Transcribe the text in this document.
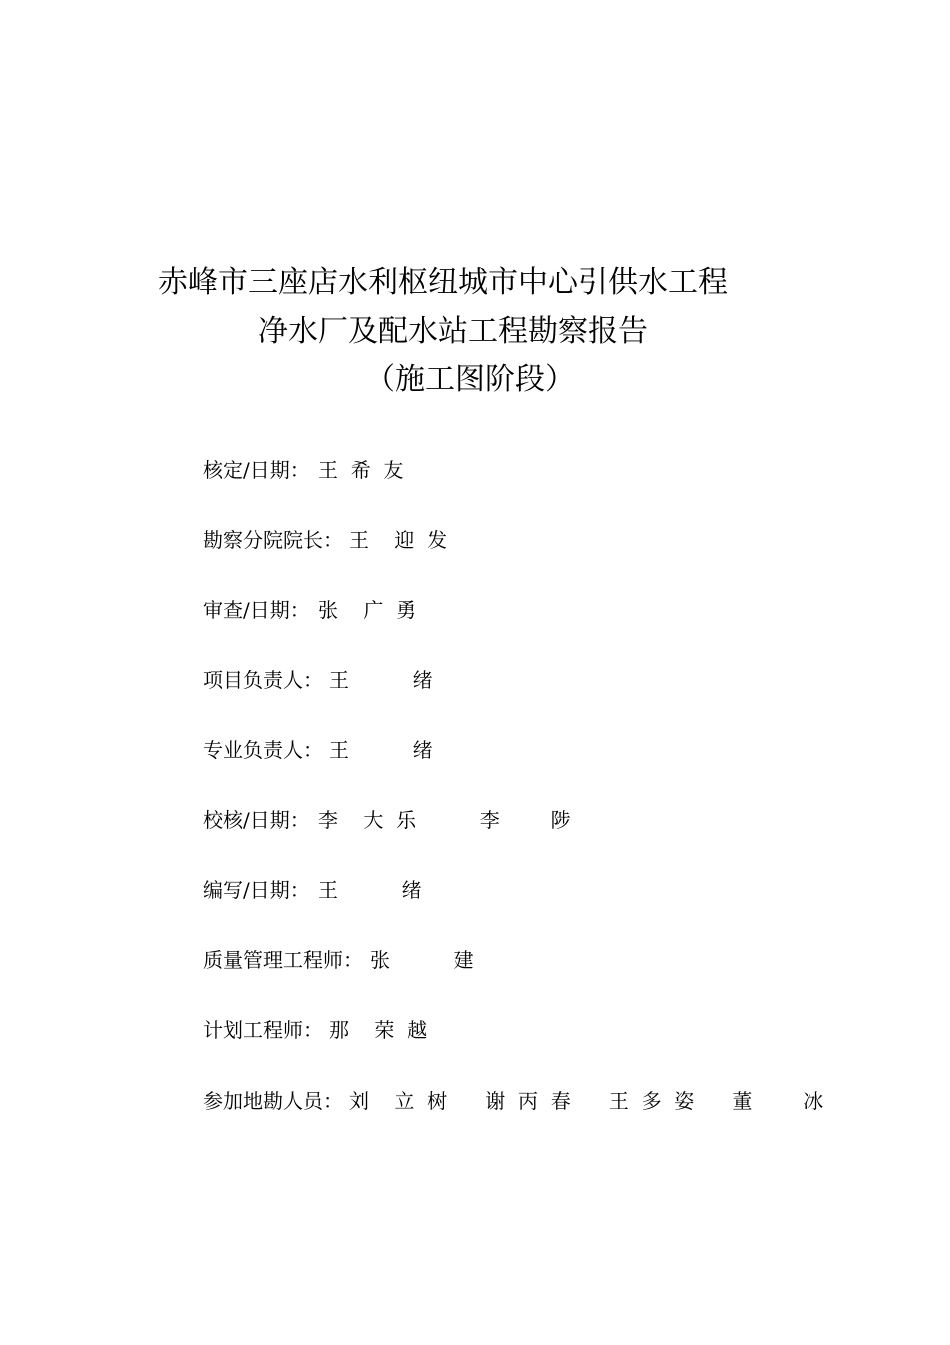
赤峰市三座店水利枢纽城市中心引供水工程
净水厂及配水站工程勘察报告
（施工图阶段）
核定/日期： 王  希  友
勘察分院院长： 王    迎  发
审查/日期： 张    广  勇
项目负责人： 王          绪
专业负责人： 王          绪
校核/日期： 李    大  乐          李        陟
编写/日期： 王          绪
质量管理工程师： 张          建
计划工程师： 那    荣  越
参加地勘人员： 刘    立  树      谢  丙  春      王  多  姿      董        冰
